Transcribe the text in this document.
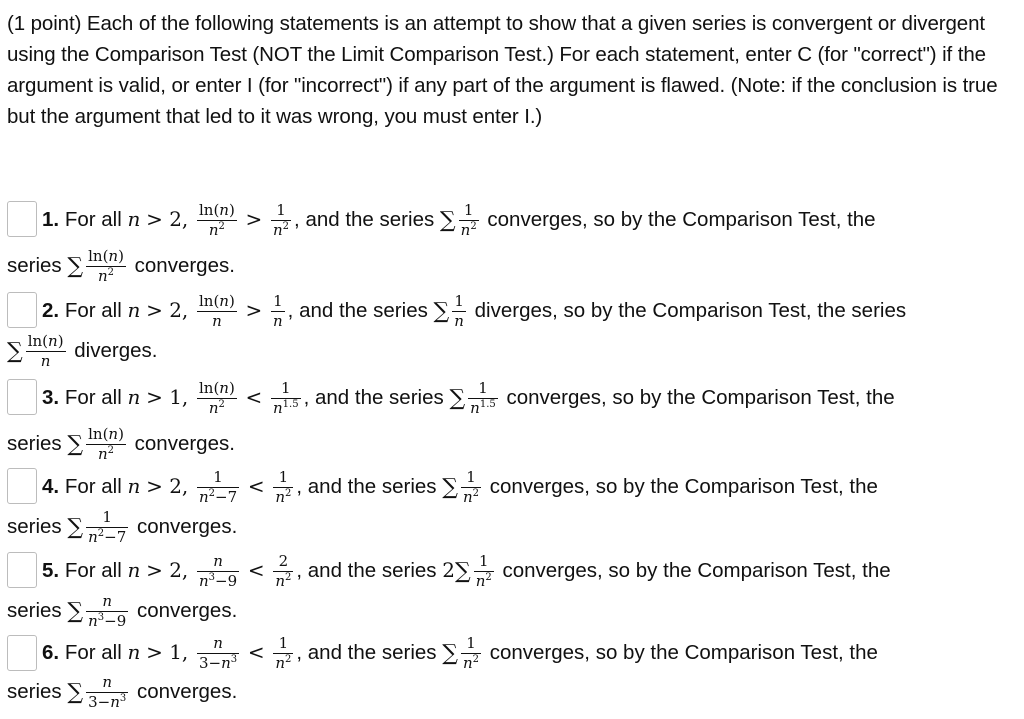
(1 point) Each of the following statements is an attempt to show that a given series is convergent or divergent using the Comparison Test (NOT the Limit Comparison Test.) For each statement, enter C (for "correct") if the argument is valid, or enter I (for "incorrect") if any part of the argument is flawed. (Note: if the conclusion is true but the argument that led to it was wrong, you must enter I.)
1. For all n > 2, $\frac{\ln(n)}{n^2} > \frac{1}{n^2}$ , and the series ∑ $\frac{1}{n^2}$ converges, so by the Comparison Test, the
series ∑ $\frac{\ln(n)}{n^2}$ converges.
2. For all n > 2, $\frac{\ln(n)}{n} > \frac{1}{n}$ , and the series ∑ $\frac{1}{n}$ diverges, so by the Comparison Test, the series
∑ $\frac{\ln(n)}{n}$ diverges.
3. For all n > 1, $\frac{\ln(n)}{n^2} < \frac{1}{n^{1.5}}$ , and the series ∑ $\frac{1}{n^{1.5}}$ converges, so by the Comparison Test, the
series ∑ $\frac{\ln(n)}{n^2}$ converges.
4. For all n > 2, $\frac{1}{n^2-7} < \frac{1}{n^2}$ , and the series ∑ $\frac{1}{n^2}$ converges, so by the Comparison Test, the
series ∑ $\frac{1}{n^2-7}$ converges.
5. For all n > 2, $\frac{n}{n^3-9} < \frac{2}{n^2}$ , and the series $2\sum \frac{1}{n^2}$ converges, so by the Comparison Test, the
series ∑ $\frac{n}{n^3-9}$ converges.
6. For all n > 1, $\frac{n}{3-n^3} < \frac{1}{n^2}$ , and the series ∑ $\frac{1}{n^2}$ converges, so by the Comparison Test, the
series ∑ $\frac{n}{3-n^3}$ converges.
